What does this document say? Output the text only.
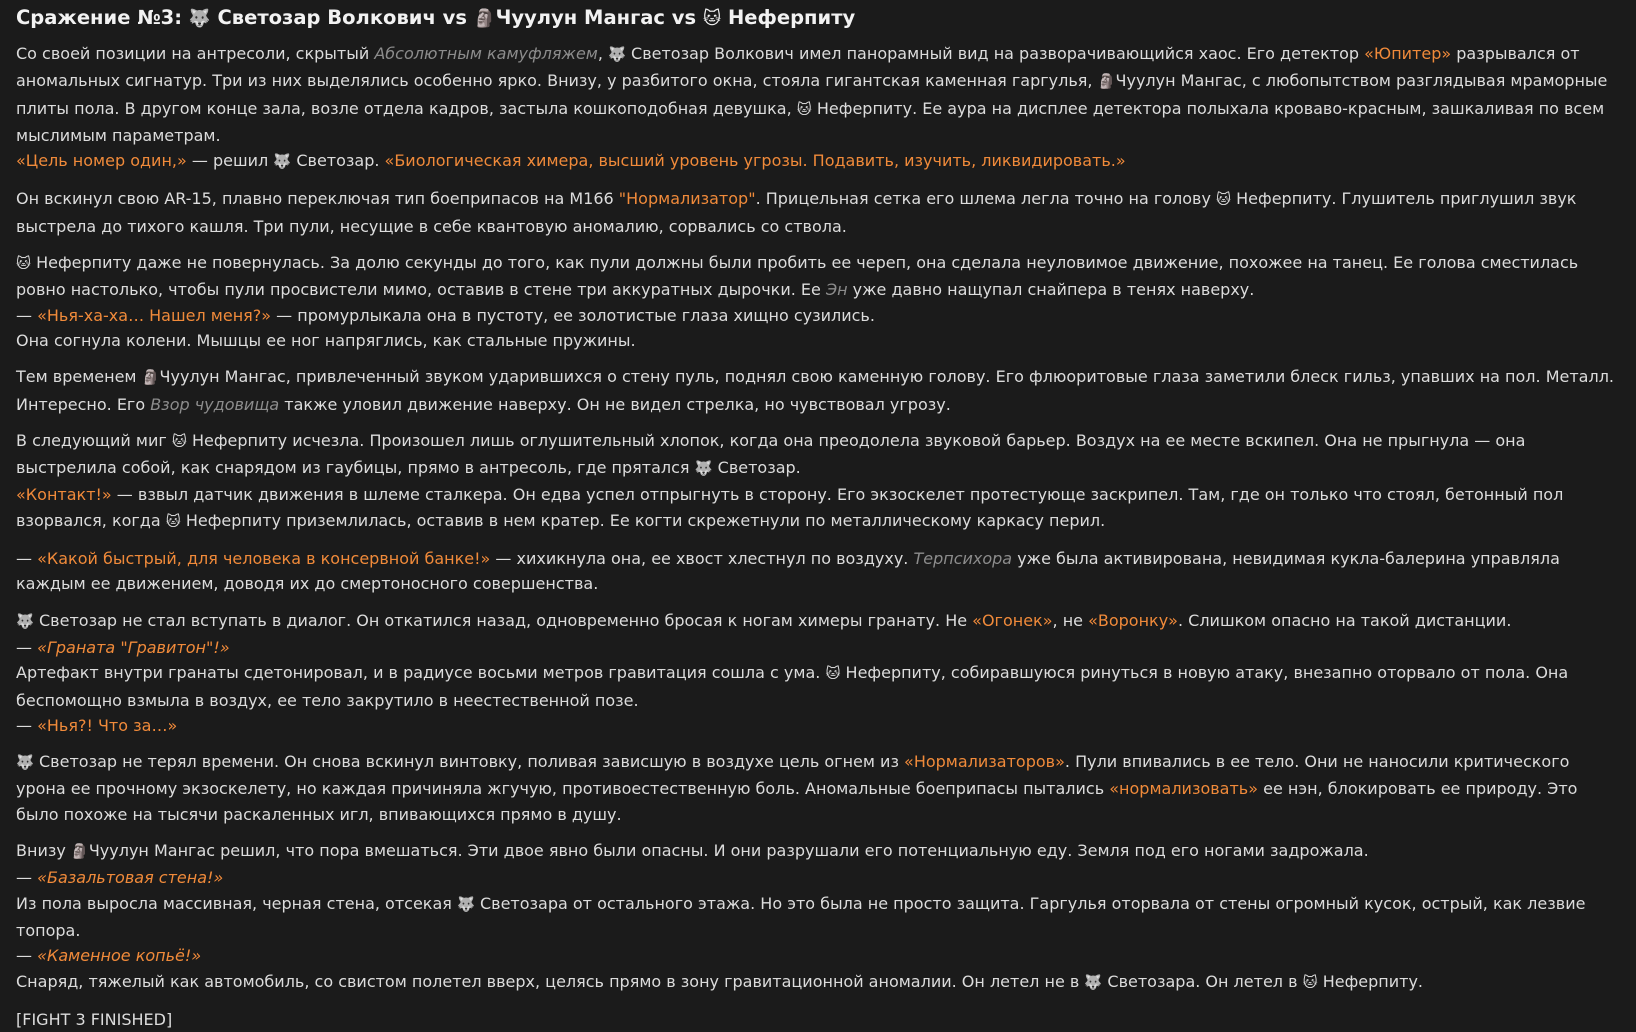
Сражение №3: 🐺 Светозар Волкович vs 🗿Чуулун Мангас vs 🐱 Неферпиту
Со своей позиции на антресоли, скрытый Абсолютным камуфляжем, 🐺 Светозар Волкович имел панорамный вид на разворачивающийся хаос. Его детектор «Юпитер» разрывался от аномальных сигнатур. Три из них выделялись особенно ярко. Внизу, у разбитого окна, стояла гигантская каменная гаргулья, 🗿Чуулун Мангас, с любопытством разглядывая мраморные плиты пола. В другом конце зала, возле отдела кадров, застыла кошкоподобная девушка, 🐱 Неферпиту. Ее аура на дисплее детектора полыхала кроваво-красным, зашкаливая по всем мыслимым параметрам.
«Цель номер один,» — решил 🐺 Светозар. «Биологическая химера, высший уровень угрозы. Подавить, изучить, ликвидировать.»
Он вскинул свою AR-15, плавно переключая тип боеприпасов на M166 "Нормализатор". Прицельная сетка его шлема легла точно на голову 🐱 Неферпиту. Глушитель приглушил звук выстрела до тихого кашля. Три пули, несущие в себе квантовую аномалию, сорвались со ствола.
🐱 Неферпиту даже не повернулась. За долю секунды до того, как пули должны были пробить ее череп, она сделала неуловимое движение, похожее на танец. Ее голова сместилась ровно настолько, чтобы пули просвистели мимо, оставив в стене три аккуратных дырочки. Ее Эн уже давно нащупал снайпера в тенях наверху.
— «Нья-ха-ха… Нашел меня?» — промурлыкала она в пустоту, ее золотистые глаза хищно сузились.
Она согнула колени. Мышцы ее ног напряглись, как стальные пружины.
Тем временем 🗿Чуулун Мангас, привлеченный звуком ударившихся о стену пуль, поднял свою каменную голову. Его флюоритовые глаза заметили блеск гильз, упавших на пол. Металл. Интересно. Его Взор чудовища также уловил движение наверху. Он не видел стрелка, но чувствовал угрозу.
В следующий миг 🐱 Неферпиту исчезла. Произошел лишь оглушительный хлопок, когда она преодолела звуковой барьер. Воздух на ее месте вскипел. Она не прыгнула — она выстрелила собой, как снарядом из гаубицы, прямо в антресоль, где прятался 🐺 Светозар.
«Контакт!» — взвыл датчик движения в шлеме сталкера. Он едва успел отпрыгнуть в сторону. Его экзоскелет протестующе заскрипел. Там, где он только что стоял, бетонный пол взорвался, когда 🐱 Неферпиту приземлилась, оставив в нем кратер. Ее когти скрежетнули по металлическому каркасу перил.
— «Какой быстрый, для человека в консервной банке!» — хихикнула она, ее хвост хлестнул по воздуху. Терпсихора уже была активирована, невидимая кукла-балерина управляла каждым ее движением, доводя их до смертоносного совершенства.
🐺 Светозар не стал вступать в диалог. Он откатился назад, одновременно бросая к ногам химеры гранату. Не «Огонек», не «Воронку». Слишком опасно на такой дистанции.
— «Граната "Гравитон"!»
Артефакт внутри гранаты сдетонировал, и в радиусе восьми метров гравитация сошла с ума. 🐱 Неферпиту, собиравшуюся ринуться в новую атаку, внезапно оторвало от пола. Она беспомощно взмыла в воздух, ее тело закрутило в неестественной позе.
— «Нья?! Что за…»
🐺 Светозар не терял времени. Он снова вскинул винтовку, поливая зависшую в воздухе цель огнем из «Нормализаторов». Пули впивались в ее тело. Они не наносили критического урона ее прочному экзоскелету, но каждая причиняла жгучую, противоестественную боль. Аномальные боеприпасы пытались «нормализовать» ее нэн, блокировать ее природу. Это было похоже на тысячи раскаленных игл, впивающихся прямо в душу.
Внизу 🗿Чуулун Мангас решил, что пора вмешаться. Эти двое явно были опасны. И они разрушали его потенциальную еду. Земля под его ногами задрожала.
— «Базальтовая стена!»
Из пола выросла массивная, черная стена, отсекая 🐺 Светозара от остального этажа. Но это была не просто защита. Гаргулья оторвала от стены огромный кусок, острый, как лезвие топора.
— «Каменное копьё!»
Снаряд, тяжелый как автомобиль, со свистом полетел вверх, целясь прямо в зону гравитационной аномалии. Он летел не в 🐺 Светозара. Он летел в 🐱 Неферпиту.
[FIGHT 3 FINISHED]
